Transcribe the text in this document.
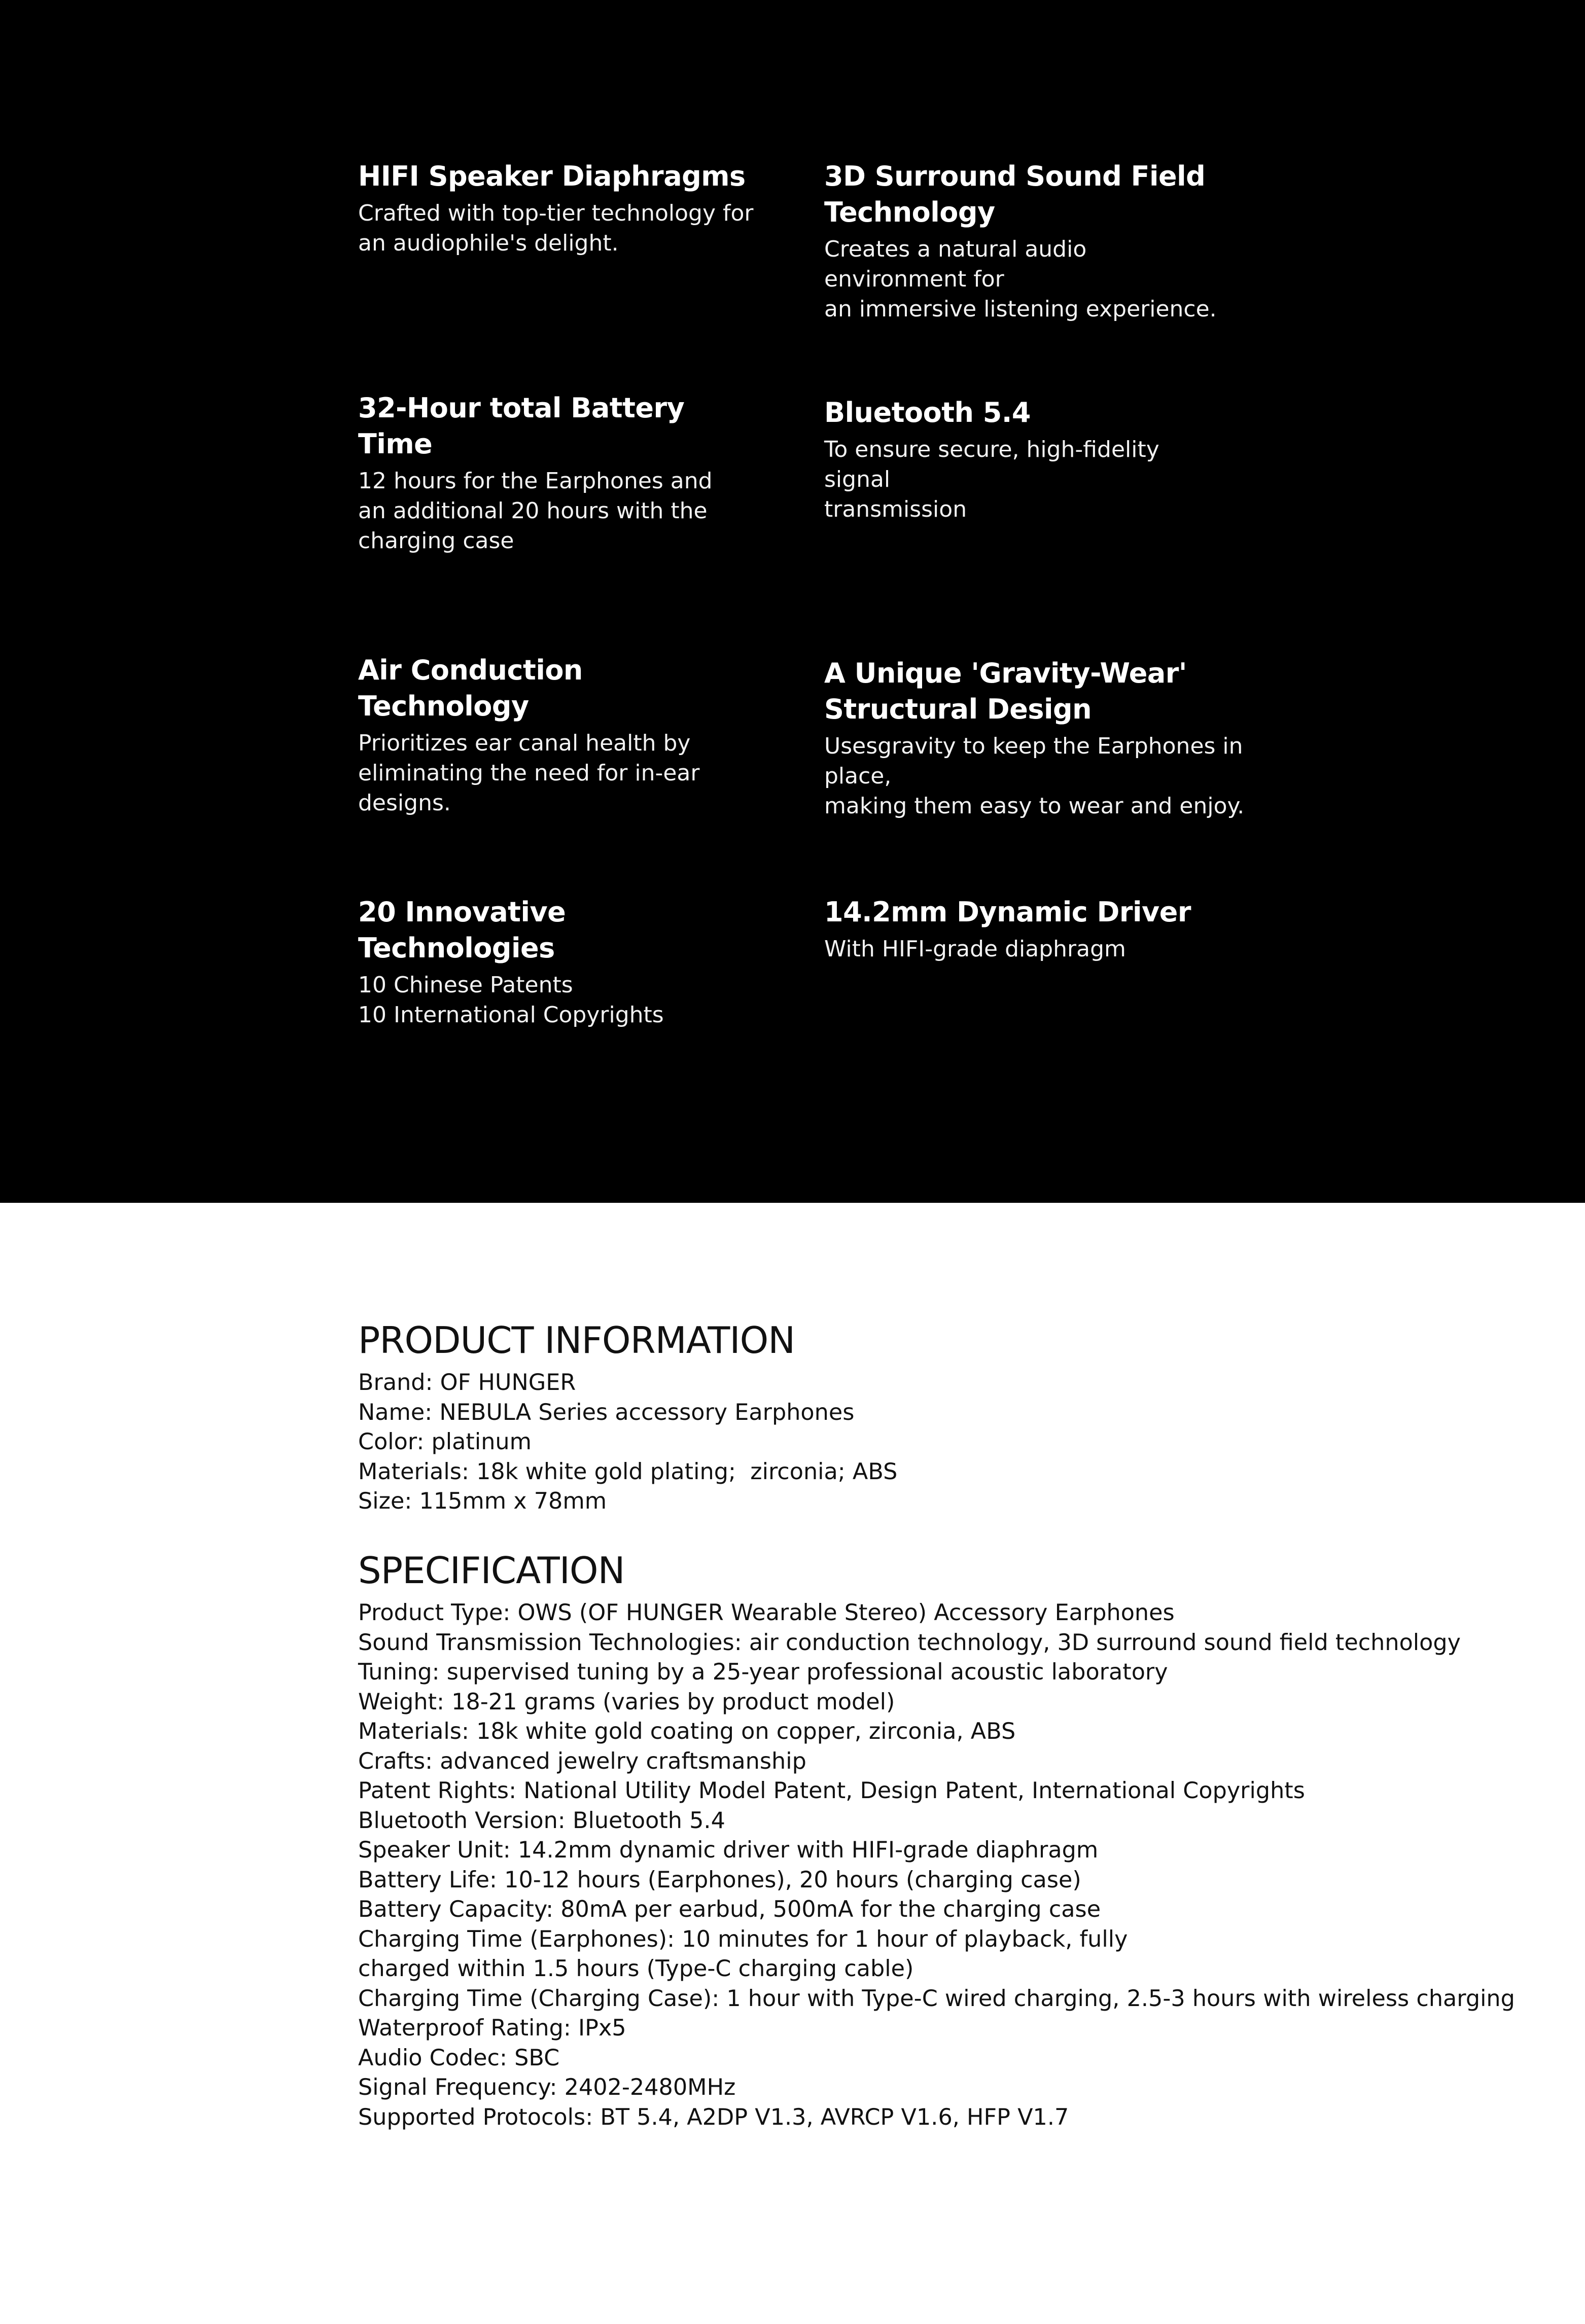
HIFI Speaker Diaphragms

Crafted with top-tier technology for
an audiophile's delight.

3D Surround Sound Field
Technology

Creates a natural audio environment for
an immersive listening experience.

32-Hour total Battery Time

12 hours for the Earphones and
an additional 20 hours with the
charging case

Bluetooth 5.4

To ensure secure, high-fidelity signal
transmission

Air Conduction Technology

Prioritizes ear canal health by
eliminating the need for in-ear
designs.

A Unique 'Gravity-Wear'
Structural Design

Usesgravity to keep the Earphones in place,
making them easy to wear and enjoy.

20 Innovative Technologies

10 Chinese Patents
10 International Copyrights

14.2mm Dynamic Driver

With HIFI-grade diaphragm

PRODUCT INFORMATION
Brand: OF HUNGER
Name: NEBULA Series accessory Earphones
Color: platinum
Materials: 18k white gold plating;  zirconia; ABS
Size: 115mm x 78mm
SPECIFICATION
Product Type: OWS (OF HUNGER Wearable Stereo) Accessory Earphones
Sound Transmission Technologies: air conduction technology, 3D surround sound field technology
Tuning: supervised tuning by a 25-year professional acoustic laboratory
Weight: 18-21 grams (varies by product model)
Materials: 18k white gold coating on copper, zirconia, ABS
Crafts: advanced jewelry craftsmanship
Patent Rights: National Utility Model Patent, Design Patent, International Copyrights
Bluetooth Version: Bluetooth 5.4
Speaker Unit: 14.2mm dynamic driver with HIFI-grade diaphragm
Battery Life: 10-12 hours (Earphones), 20 hours (charging case)
Battery Capacity: 80mA per earbud, 500mA for the charging case
Charging Time (Earphones): 10 minutes for 1 hour of playback, fully
charged within 1.5 hours (Type-C charging cable)
Charging Time (Charging Case): 1 hour with Type-C wired charging, 2.5-3 hours with wireless charging
Waterproof Rating: IPx5
Audio Codec: SBC
Signal Frequency: 2402-2480MHz
Supported Protocols: BT 5.4, A2DP V1.3, AVRCP V1.6, HFP V1.7
